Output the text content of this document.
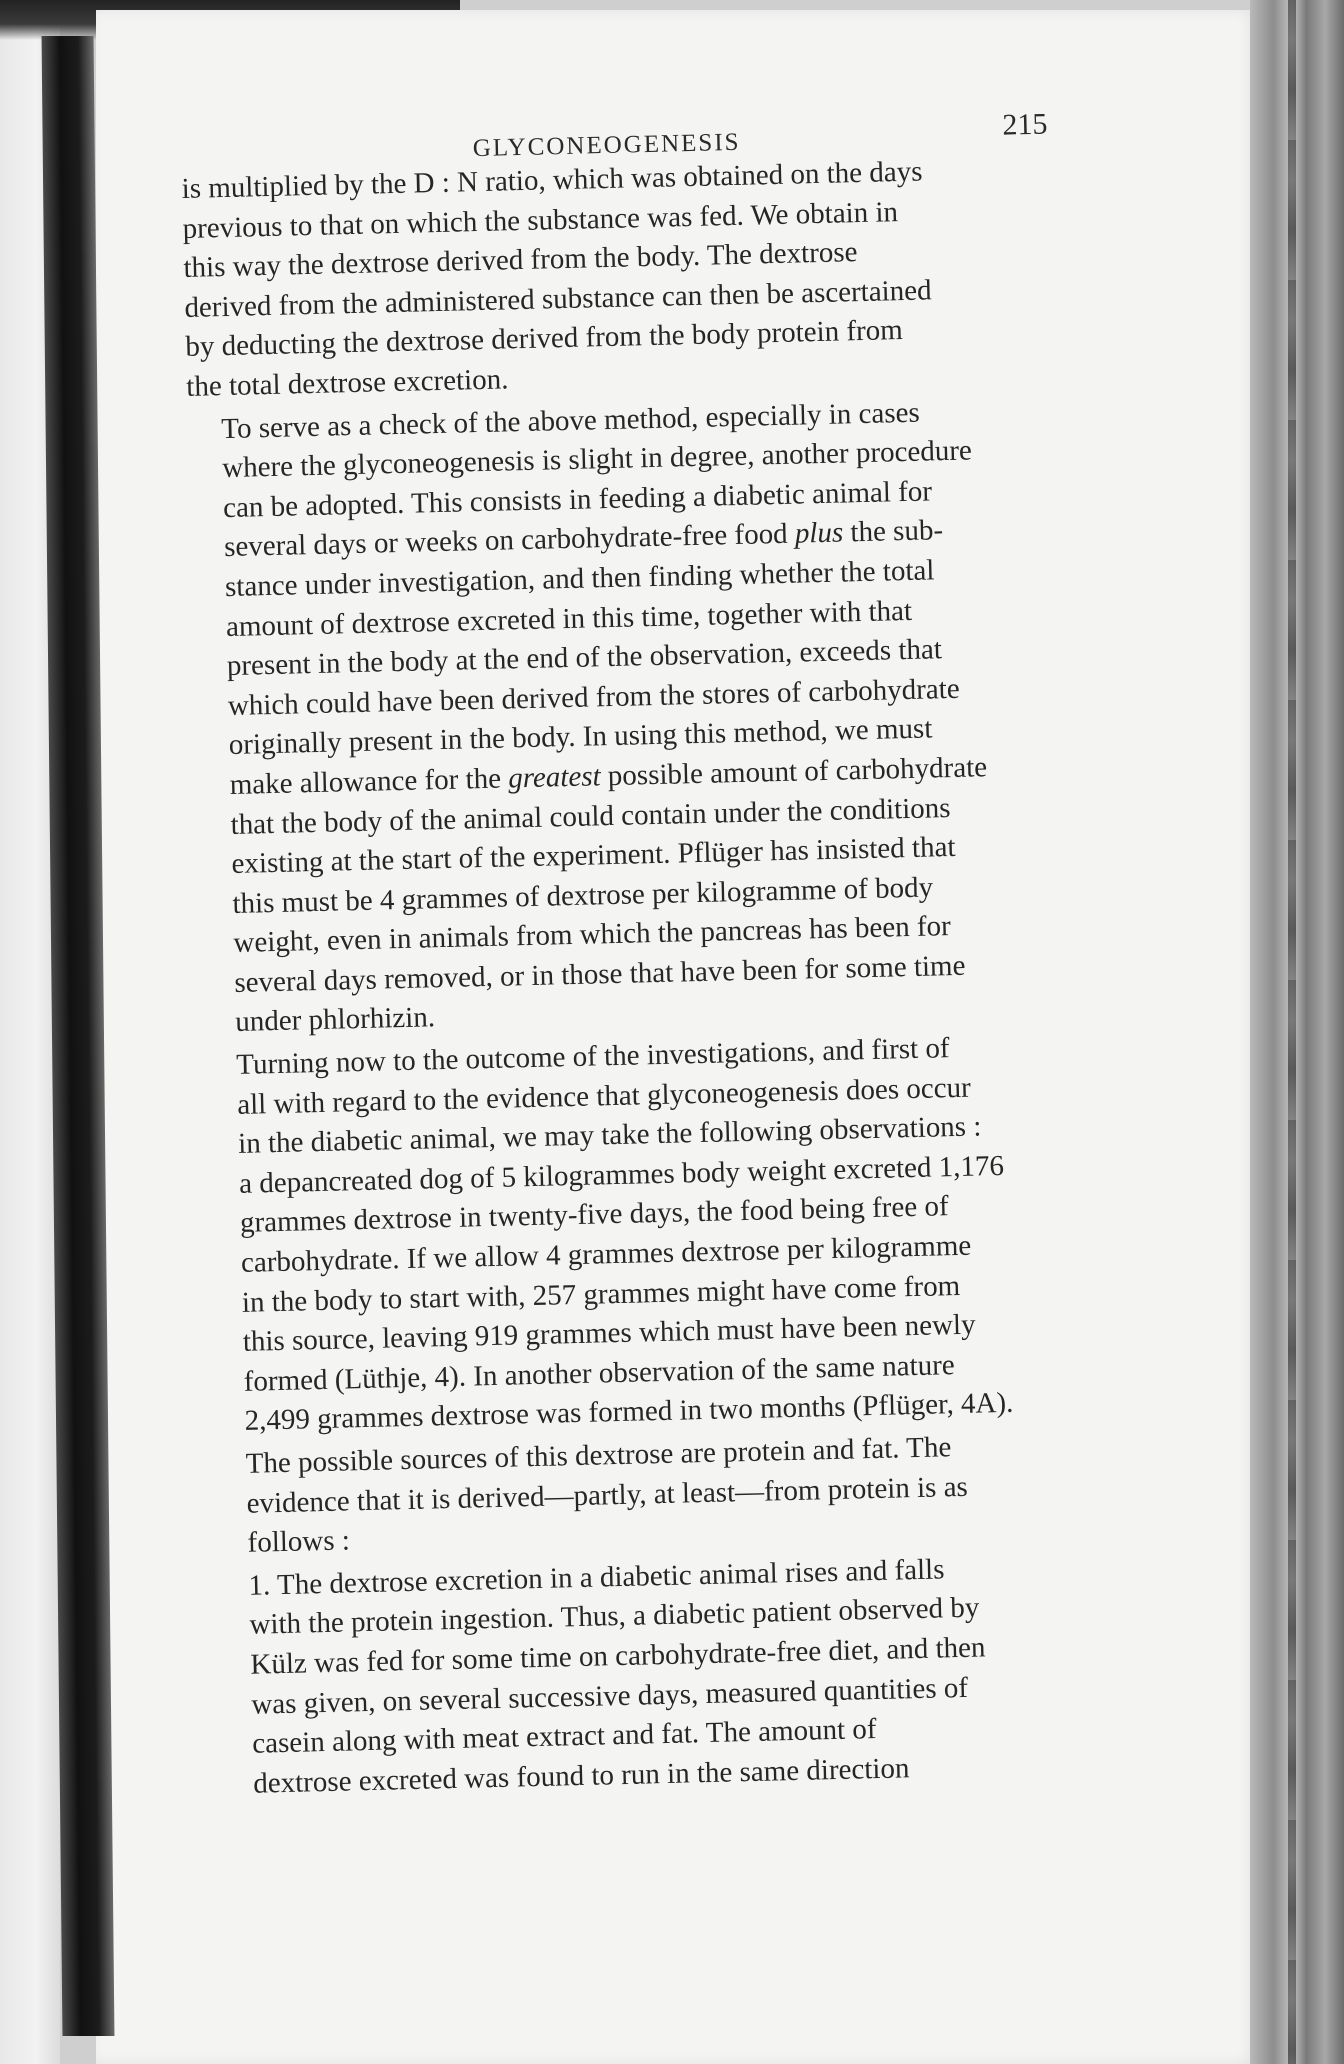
GLYCONEOGENESIS
215

is multiplied by the D : N ratio, which was obtained on the days
previous to that on which the substance was fed. We obtain in
this way the dextrose derived from the body. The dextrose
derived from the administered substance can then be ascertained
by deducting the dextrose derived from the body protein from
the total dextrose excretion.

To serve as a check of the above method, especially in cases
where the glyconeogenesis is slight in degree, another procedure
can be adopted. This consists in feeding a diabetic animal for
several days or weeks on carbohydrate-free food plus the sub-
stance under investigation, and then finding whether the total
amount of dextrose excreted in this time, together with that
present in the body at the end of the observation, exceeds that
which could have been derived from the stores of carbohydrate
originally present in the body. In using this method, we must
make allowance for the greatest possible amount of carbohydrate
that the body of the animal could contain under the conditions
existing at the start of the experiment. Pflüger has insisted that
this must be 4 grammes of dextrose per kilogramme of body
weight, even in animals from which the pancreas has been for
several days removed, or in those that have been for some time
under phlorhizin.

Turning now to the outcome of the investigations, and first of
all with regard to the evidence that glyconeogenesis does occur
in the diabetic animal, we may take the following observations :
a depancreated dog of 5 kilogrammes body weight excreted 1,176
grammes dextrose in twenty-five days, the food being free of
carbohydrate. If we allow 4 grammes dextrose per kilogramme
in the body to start with, 257 grammes might have come from
this source, leaving 919 grammes which must have been newly
formed (Lüthje, 4). In another observation of the same nature
2,499 grammes dextrose was formed in two months (Pflüger, 4A).

The possible sources of this dextrose are protein and fat. The
evidence that it is derived—partly, at least—from protein is as
follows :

1. The dextrose excretion in a diabetic animal rises and falls
with the protein ingestion. Thus, a diabetic patient observed by
Külz was fed for some time on carbohydrate-free diet, and then
was given, on several successive days, measured quantities of
casein along with meat extract and fat. The amount of
dextrose excreted was found to run in the same direction
